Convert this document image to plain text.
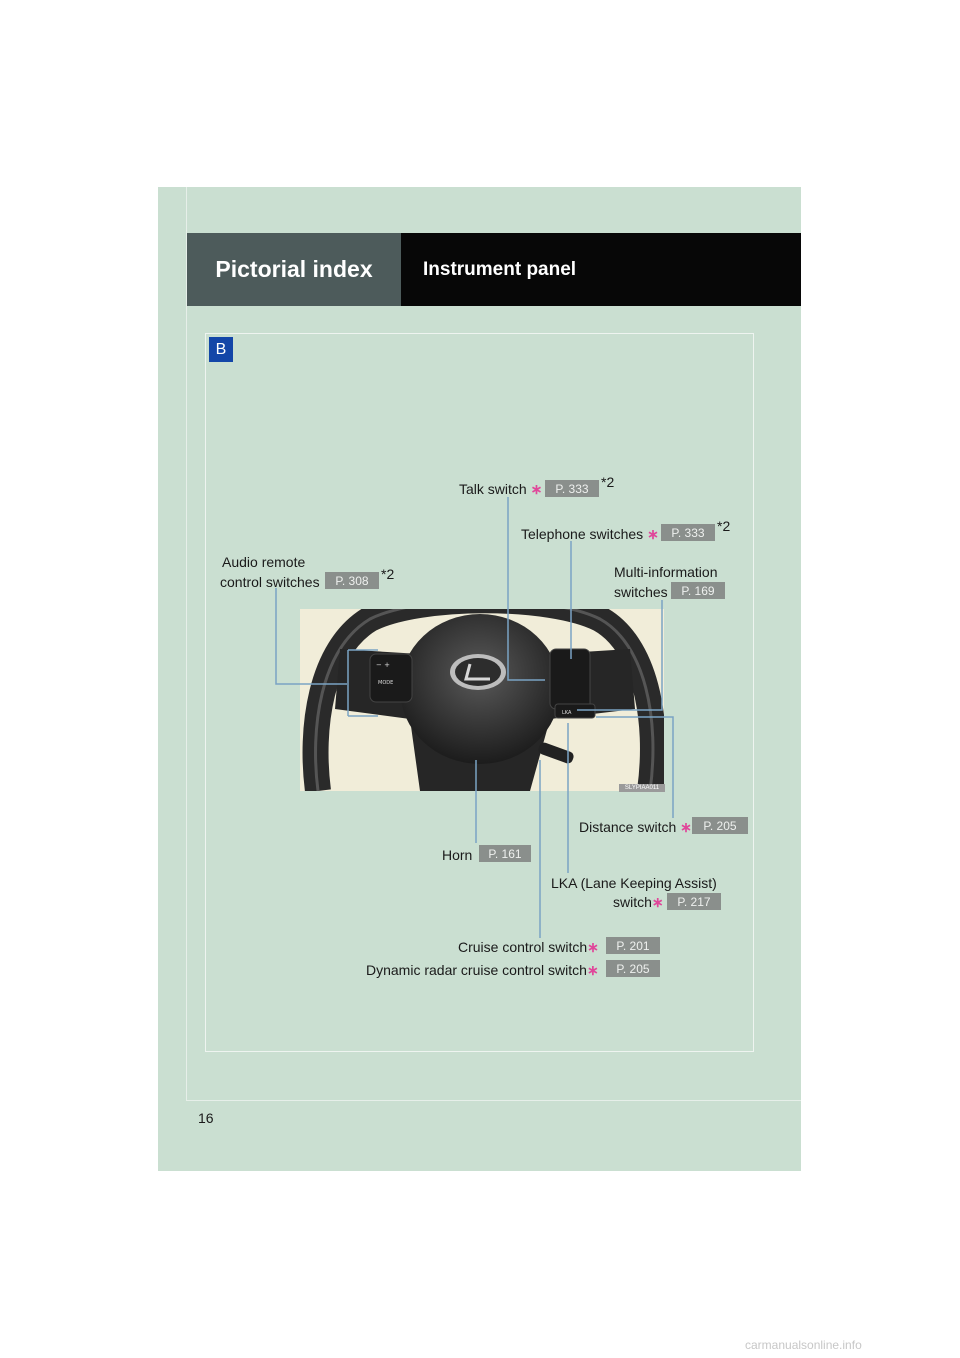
Pictorial index	Instrument panel
B
− +
MODE
LKA
Talk switch ∗	P. 333 *2
Telephone switches ∗	P. 333 *2
Audio remote
control switches	P. 308 *2	Multi-information
switches	P. 169
Distance switch ∗ P. 205
Horn	P. 161
LKA (Lane Keeping Assist)
switch∗	P. 217
Cruise control switch∗	P. 201
Dynamic radar cruise control switch∗	P. 205
SLYPIAA011
16
carmanualsonline.info
